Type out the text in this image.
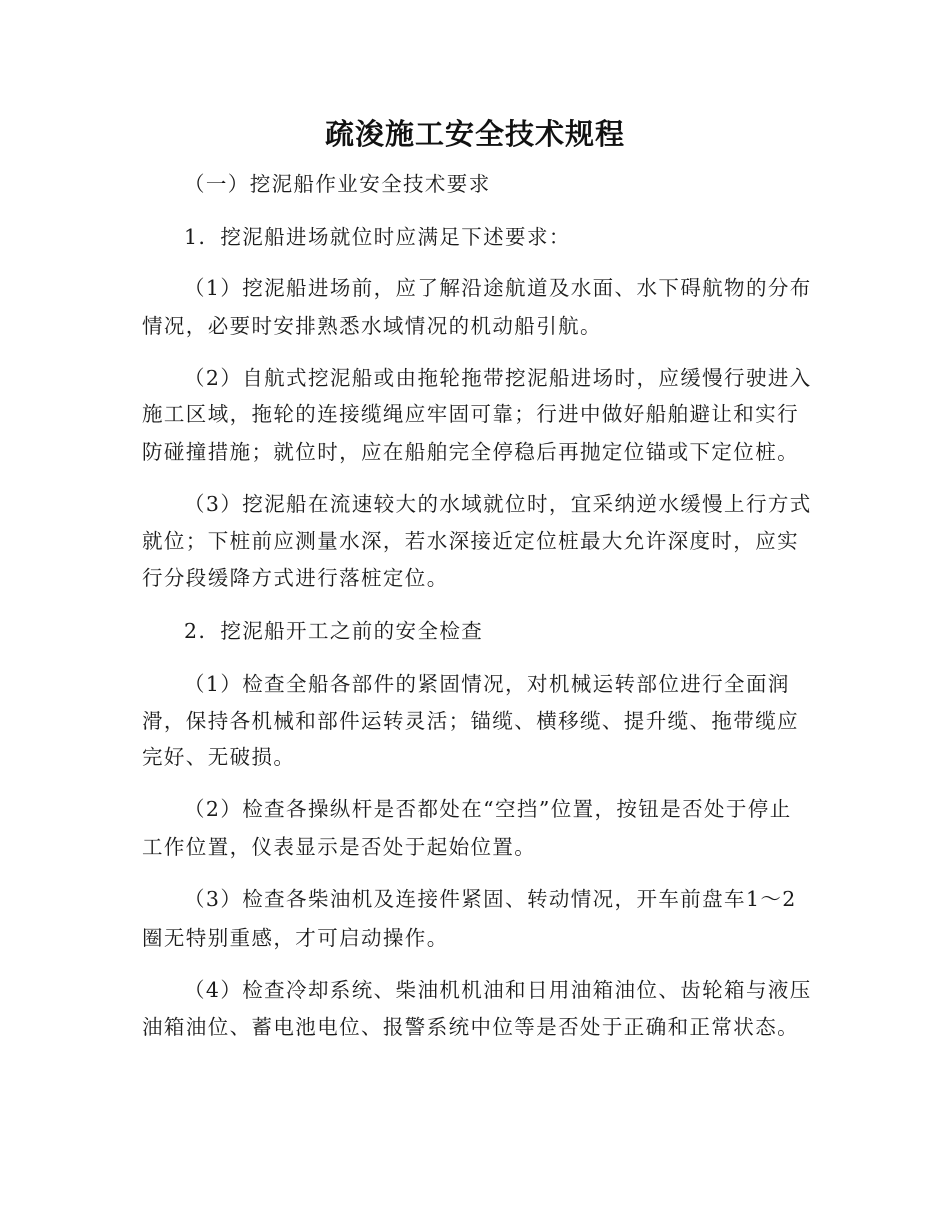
疏浚施工安全技术规程
（一）挖泥船作业安全技术要求
1．挖泥船进场就位时应满足下述要求：
（1）挖泥船进场前，应了解沿途航道及水面、水下碍航物的分布
情况，必要时安排熟悉水域情况的机动船引航。
（2）自航式挖泥船或由拖轮拖带挖泥船进场时，应缓慢行驶进入
施工区域，拖轮的连接缆绳应牢固可靠；行进中做好船舶避让和实行
防碰撞措施；就位时，应在船舶完全停稳后再抛定位锚或下定位桩。
（3）挖泥船在流速较大的水域就位时，宜采纳逆水缓慢上行方式
就位；下桩前应测量水深，若水深接近定位桩最大允许深度时，应实
行分段缓降方式进行落桩定位。
2．挖泥船开工之前的安全检查
（1）检查全船各部件的紧固情况，对机械运转部位进行全面润
滑，保持各机械和部件运转灵活；锚缆、横移缆、提升缆、拖带缆应
完好、无破损。
（2）检查各操纵杆是否都处在“空挡”位置，按钮是否处于停止
工作位置，仪表显示是否处于起始位置。
（3）检查各柴油机及连接件紧固、转动情况，开车前盘车1～2
圈无特别重感，才可启动操作。
（4）检查冷却系统、柴油机机油和日用油箱油位、齿轮箱与液压
油箱油位、蓄电池电位、报警系统中位等是否处于正确和正常状态。
